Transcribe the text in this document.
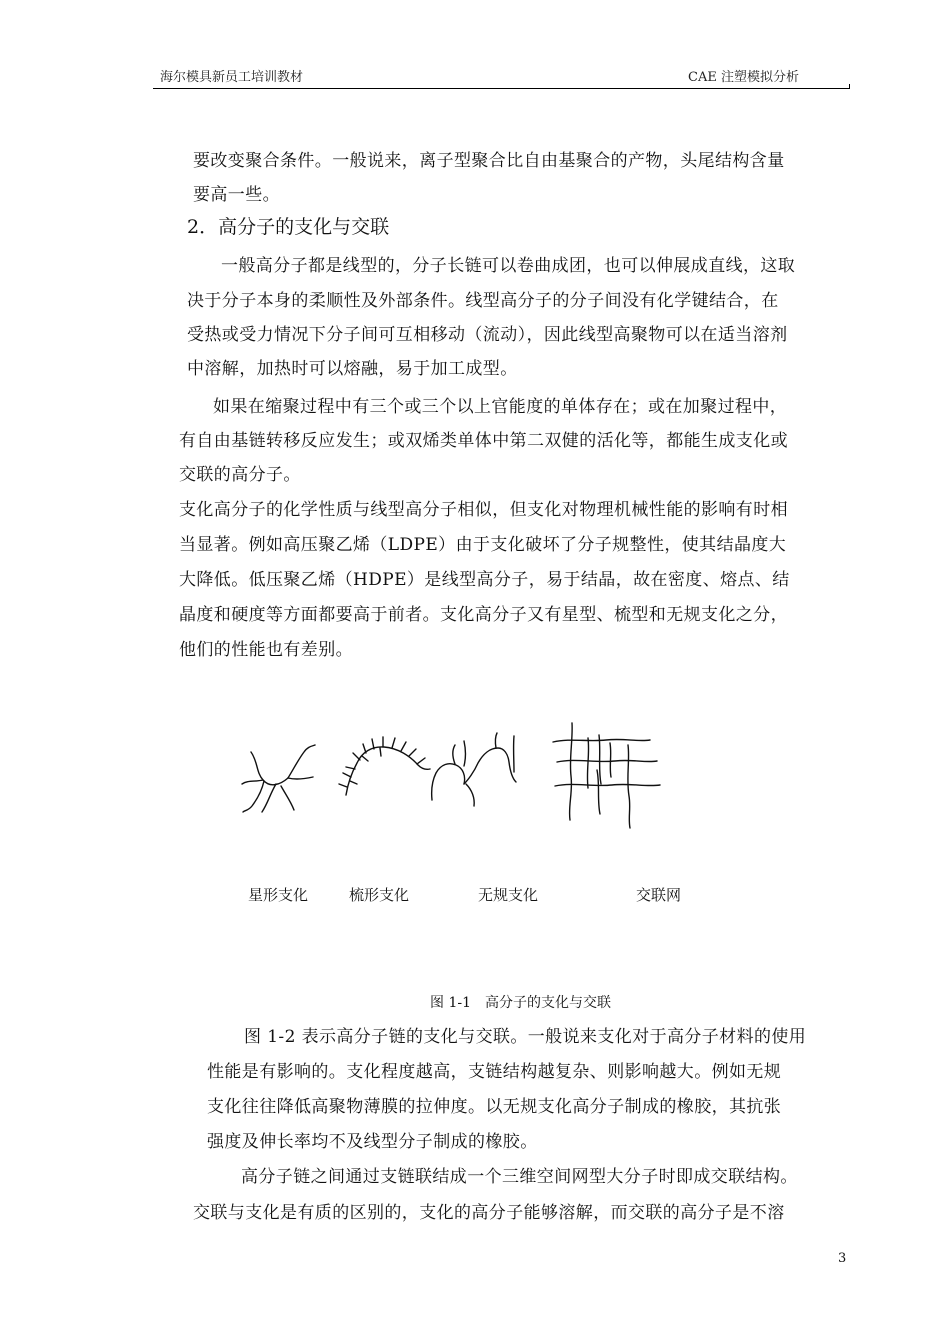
海尔模具新员工培训教材	CAE 注塑模拟分析
要改变聚合条件。一般说来，离子型聚合比自由基聚合的产物，头尾结构含量
要高一些。
2．高分子的支化与交联
一般高分子都是线型的，分子长链可以卷曲成团，也可以伸展成直线，这取
决于分子本身的柔顺性及外部条件。线型高分子的分子间没有化学键结合，在
受热或受力情况下分子间可互相移动（流动），因此线型高聚物可以在适当溶剂
中溶解，加热时可以熔融，易于加工成型。
如果在缩聚过程中有三个或三个以上官能度的单体存在；或在加聚过程中，
有自由基链转移反应发生；或双烯类单体中第二双健的活化等，都能生成支化或
交联的高分子。
支化高分子的化学性质与线型高分子相似，但支化对物理机械性能的影响有时相
当显著。例如高压聚乙烯（LDPE）由于支化破坏了分子规整性，使其结晶度大
大降低。低压聚乙烯（HDPE）是线型高分子，易于结晶，故在密度、熔点、结
晶度和硬度等方面都要高于前者。支化高分子又有星型、梳型和无规支化之分，
他们的性能也有差别。
星形支化	梳形支化	无规支化	交联网
图 1-1　高分子的支化与交联
图 1-2 表示高分子链的支化与交联。一般说来支化对于高分子材料的使用
性能是有影响的。支化程度越高，支链结构越复杂、则影响越大。例如无规
支化往往降低高聚物薄膜的拉伸度。以无规支化高分子制成的橡胶，其抗张
强度及伸长率均不及线型分子制成的橡胶。
高分子链之间通过支链联结成一个三维空间网型大分子时即成交联结构。
交联与支化是有质的区别的，支化的高分子能够溶解，而交联的高分子是不溶
3
